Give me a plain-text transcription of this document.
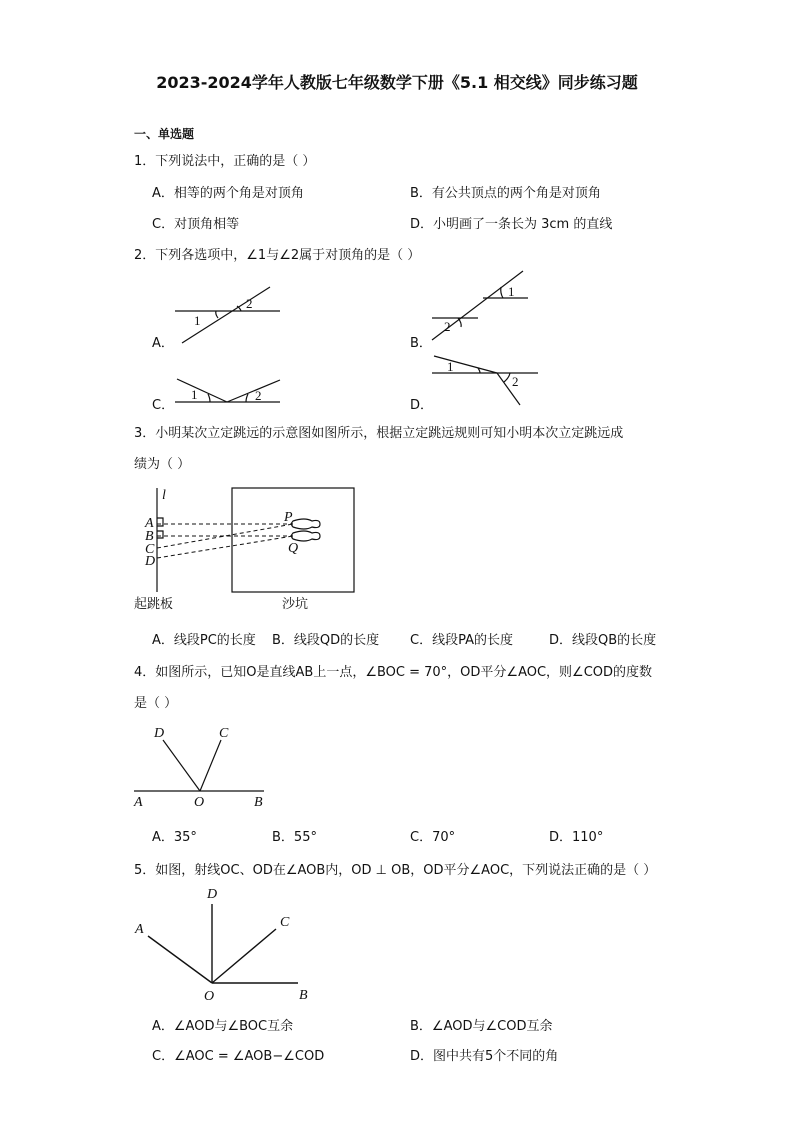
2023-2024学年人教版七年级数学下册《5.1 相交线》同步练习题
一、单选题
1．下列说法中，正确的是（ ）
A．相等的两个角是对顶角	B．有公共顶点的两个角是对顶角
C．对顶角相等	D．小明画了一条长为 3cm 的直线
2．下列各选项中，∠1与∠2属于对顶角的是（ ）
A．	B．
C．	D．
1
2
1
2
1	2
1
2
3．小明某次立定跳远的示意图如图所示，根据立定跳远规则可知小明本次立定跳远成
绩为（ ）
l
A
B
C
D
P
Q
起跳板	沙坑
A．线段PC的长度 B．线段QD的长度 C．线段PA的长度	D．线段QB的长度
4．如图所示，已知O是直线AB上一点，∠BOC = 70°，OD平分∠AOC，则∠COD的度数
是（ ）
A	O	B
D	C
A．35°	B．55°	C．70°	D．110°
5．如图，射线OC、OD在∠AOB内，OD ⊥ OB，OD平分∠AOC，下列说法正确的是（ ）
A
O	B
C
D
A．∠AOD与∠BOC互余	B．∠AOD与∠COD互余
C．∠AOC = ∠AOB−∠COD	D．图中共有5个不同的角
